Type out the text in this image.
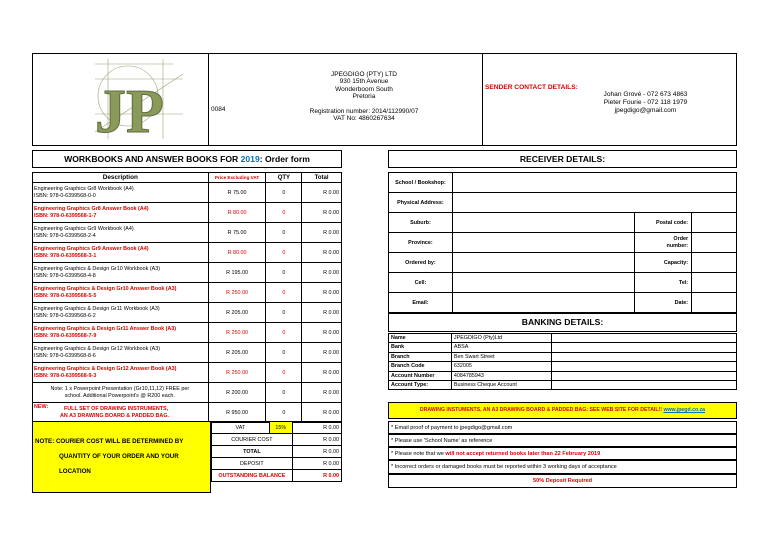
JP	0084
JPEGDIGO (PTY) LTD
930 15th Avenue
Wonderboom South
Pretoria
Registration number: 2014/112990/07
VAT No: 4860267634
SENDER CONTACT DETAILS:
Johan Grové - 072 673 4863
Pieter Fourie - 072 118 1979
jpegdigo@gmail.com
WORKBOOKS AND ANSWER BOOKS FOR 2019: Order form
Description	Price Excluding VAT	QTY	Total

Engineering Graphics Gr8 Workbook (A4)
ISBN: 978-0-6399568-0-0	R 75.00	0	R 0.00

Engineering Graphics Gr8 Answer Book (A4)
ISBN: 978-0-6399568-1-7	R 80.00	0	R 0.00

Engineering Graphics Gr9 Workbook (A4)
ISBN: 978-0-6399568-2-4	R 75.00	0	R 0.00

Engineering Graphics Gr9 Answer Book (A4)
ISBN: 978-0-6399568-3-1	R 80.00	0	R 0.00

Engineering Graphics & Design Gr10 Workbook (A3)
ISBN: 978-0-6399568-4-8	R 195.00	0	R 0.00

Engineering Graphics & Design Gr10 Answer Book (A3)
ISBN: 978-0-6399568-5-5	R 250.00	0	R 0.00

Engineering Graphics & Design Gr11 Workbook (A3)
ISBN: 978-0-6399568-6-2	R 205.00	0	R 0.00

Engineering Graphics & Design Gr11 Answer Book (A3)
ISBN: 978-0-6399568-7-9	R 250.00	0	R 0.00

Engineering Graphics & Design Gr12 Workbook (A3)
ISBN: 978-0-6399568-8-6	R 205.00	0	R 0.00

Engineering Graphics & Design Gr12 Answer Book (A3)
ISBN: 978-0-6399568-9-3	R 250.00	0	R 0.00

Note: 1 x Powerpoint Presentation (Gr10,11,12) FREE per
school. Additional Powerpoint's @ R200 each.	R 200.00	0	R 0.00

NEW: FULL SET OF DRAWING INSTRUMENTS,
AN A3 DRAWING BOARD & PADDED BAG.	R 950.00	0	R 0.00
NOTE: COURIER COST WILL BE DETERMINED BY
QUANTITY OF YOUR ORDER AND YOUR
LOCATION
VAT	15%	R 0.00
COURIER COST		R 0.00
TOTAL		R 0.00
DEPOSIT		R 0.00
OUTSTANDING BALANCE		R 0.00
RECEIVER DETAILS:
School / Bookshop:			
Physical Address:			
Suburb:		Postal code:	
Province:		Order
number:	

Ordered by:		Capacity:	
Cell:		Tel:	
Email:		Date:	
BANKING DETAILS:
Name	JPEGDIGO (Pty)Ltd	
Bank	ABSA	
Branch	Ben Swart Street	
Branch Code	632005	
Account Number	4084785943	
Account Type:	Business Cheque Account	
DRAWING INSTUMENTS, AN A3 DRAWING BOARD & PADDED BAG: SEE WEB SITE FOR DETAIL!! www.jpegd.co.za
* Email proof of payment to jpegdigo@gmail.com
* Please use 'School Name' as reference
* Please note that we will not accept returned books later than 22 February 2019
* Incorrect orders or damaged books must be reported within 3 working days of acceptance
50% Deposit Required
